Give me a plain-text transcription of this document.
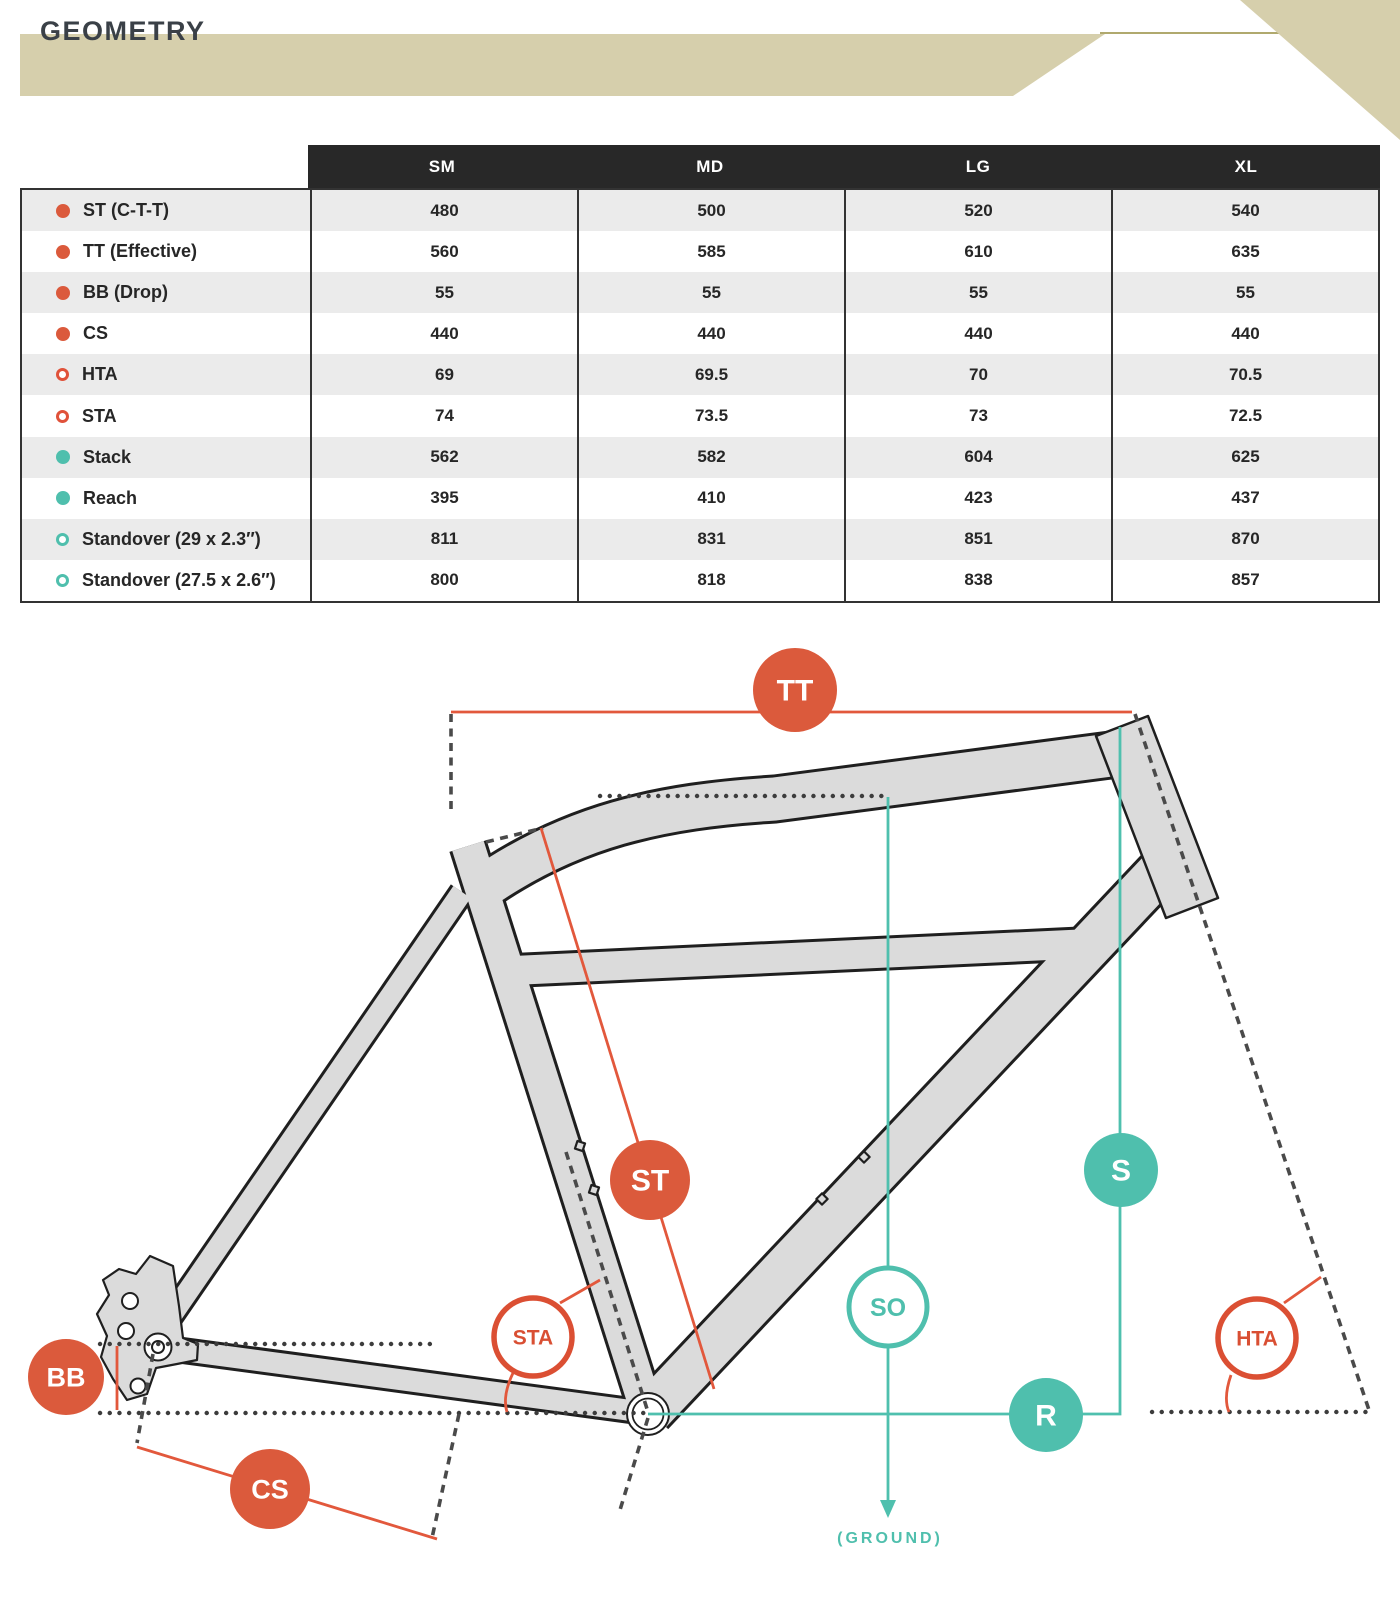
GEOMETRY
SM	MD	LG	XL
ST (C-T-T)	480	500	520	540
TT (Effective)	560	585	610	635
BB (Drop)	55	55	55	55
CS	440	440	440	440
HTA	69	69.5	70	70.5
STA	74	73.5	73	72.5
Stack	562	582	604	625
Reach	395	410	423	437
Standover (29 x 2.3″)	811	831	851	870
Standover (27.5 x 2.6″)	800	818	838	857
TT
ST
BB
CS
STA	HTA
SO
S
R
(GROUND)
